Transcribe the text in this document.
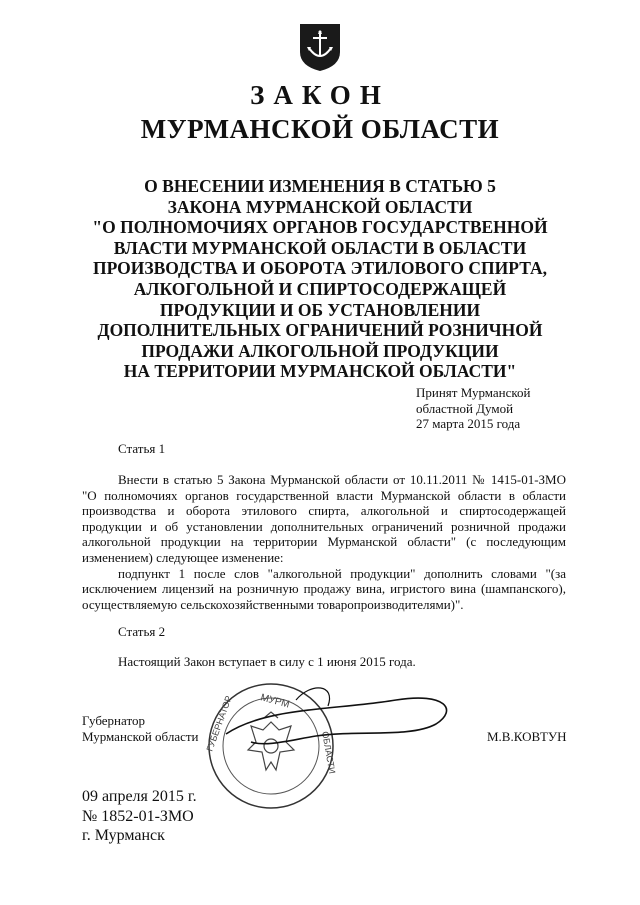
ЗАКОН
МУРМАНСКОЙ ОБЛАСТИ
О ВНЕСЕНИИ ИЗМЕНЕНИЯ В СТАТЬЮ 5
ЗАКОНА МУРМАНСКОЙ ОБЛАСТИ
"О ПОЛНОМОЧИЯХ ОРГАНОВ ГОСУДАРСТВЕННОЙ
ВЛАСТИ МУРМАНСКОЙ ОБЛАСТИ В ОБЛАСТИ
ПРОИЗВОДСТВА И ОБОРОТА ЭТИЛОВОГО СПИРТА,
АЛКОГОЛЬНОЙ И СПИРТОСОДЕРЖАЩЕЙ
ПРОДУКЦИИ И ОБ УСТАНОВЛЕНИИ
ДОПОЛНИТЕЛЬНЫХ ОГРАНИЧЕНИЙ РОЗНИЧНОЙ
ПРОДАЖИ АЛКОГОЛЬНОЙ ПРОДУКЦИИ
НА ТЕРРИТОРИИ МУРМАНСКОЙ ОБЛАСТИ"
Принят Мурманской
областной Думой
27 марта 2015 года
Статья 1

Внести в статью 5 Закона Мурманской области от 10.11.2011 № 1415-01-ЗМО "О полномочиях органов государственной власти Мурманской области в области производства и оборота этилового спирта, алкогольной и спиртосодержащей продукции и об установлении дополнительных ограничений розничной продажи алкогольной продукции на территории Мурманской области" (с последующим изменением) следующее изменение:

подпункт 1 после слов "алкогольной продукции" дополнить словами "(за исключением лицензий на розничную продажу вина, игристого вина (шампанского), осуществляемую сельскохозяйственными товаропроизводителями)".

Статья 2
Настоящий Закон вступает в силу с 1 июня 2015 года.
Губернатор
Мурманской области ГУБЕРНАТОР	МУРМ
ОБЛАСТИ	М.В.КОВТУН
09 апреля 2015 г.
№ 1852-01-ЗМО
г. Мурманск
